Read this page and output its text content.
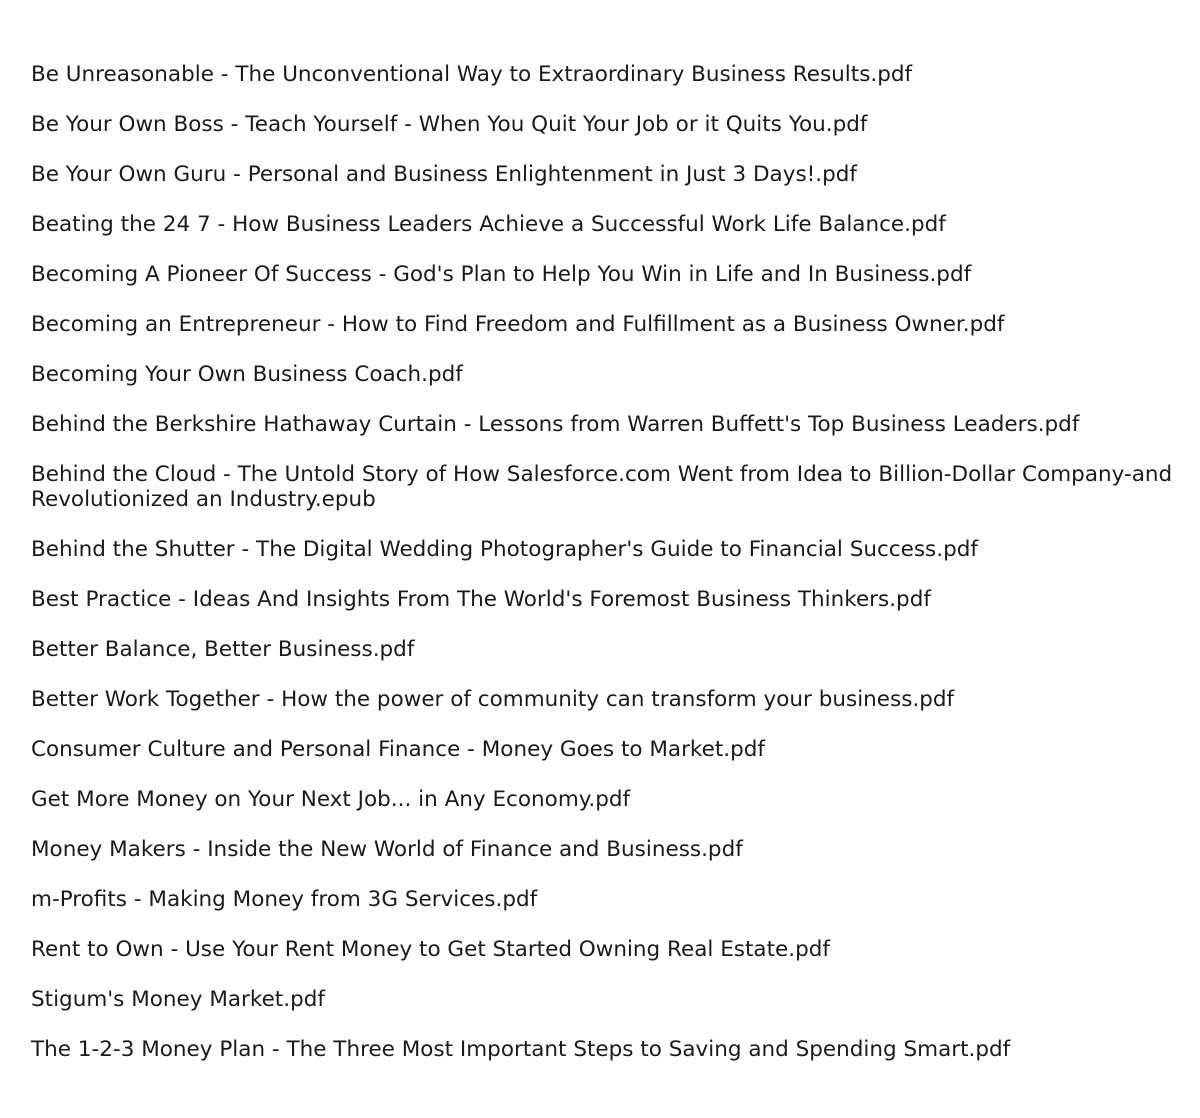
Be Unreasonable - The Unconventional Way to Extraordinary Business Results.pdf
Be Your Own Boss - Teach Yourself - When You Quit Your Job or it Quits You.pdf
Be Your Own Guru - Personal and Business Enlightenment in Just 3 Days!.pdf
Beating the 24 7 - How Business Leaders Achieve a Successful Work Life Balance.pdf
Becoming A Pioneer Of Success - God's Plan to Help You Win in Life and In Business.pdf
Becoming an Entrepreneur - How to Find Freedom and Fulfillment as a Business Owner.pdf
Becoming Your Own Business Coach.pdf
Behind the Berkshire Hathaway Curtain - Lessons from Warren Buffett's Top Business Leaders.pdf
Behind the Cloud - The Untold Story of How Salesforce.com Went from Idea to Billion-Dollar Company-and Revolutionized an Industry.epub
Behind the Shutter - The Digital Wedding Photographer's Guide to Financial Success.pdf
Best Practice - Ideas And Insights From The World's Foremost Business Thinkers.pdf
Better Balance, Better Business.pdf
Better Work Together - How the power of community can transform your business.pdf
Consumer Culture and Personal Finance - Money Goes to Market.pdf
Get More Money on Your Next Job... in Any Economy.pdf
Money Makers - Inside the New World of Finance and Business.pdf
m-Profits - Making Money from 3G Services.pdf
Rent to Own - Use Your Rent Money to Get Started Owning Real Estate.pdf
Stigum's Money Market.pdf
The 1-2-3 Money Plan - The Three Most Important Steps to Saving and Spending Smart.pdf
